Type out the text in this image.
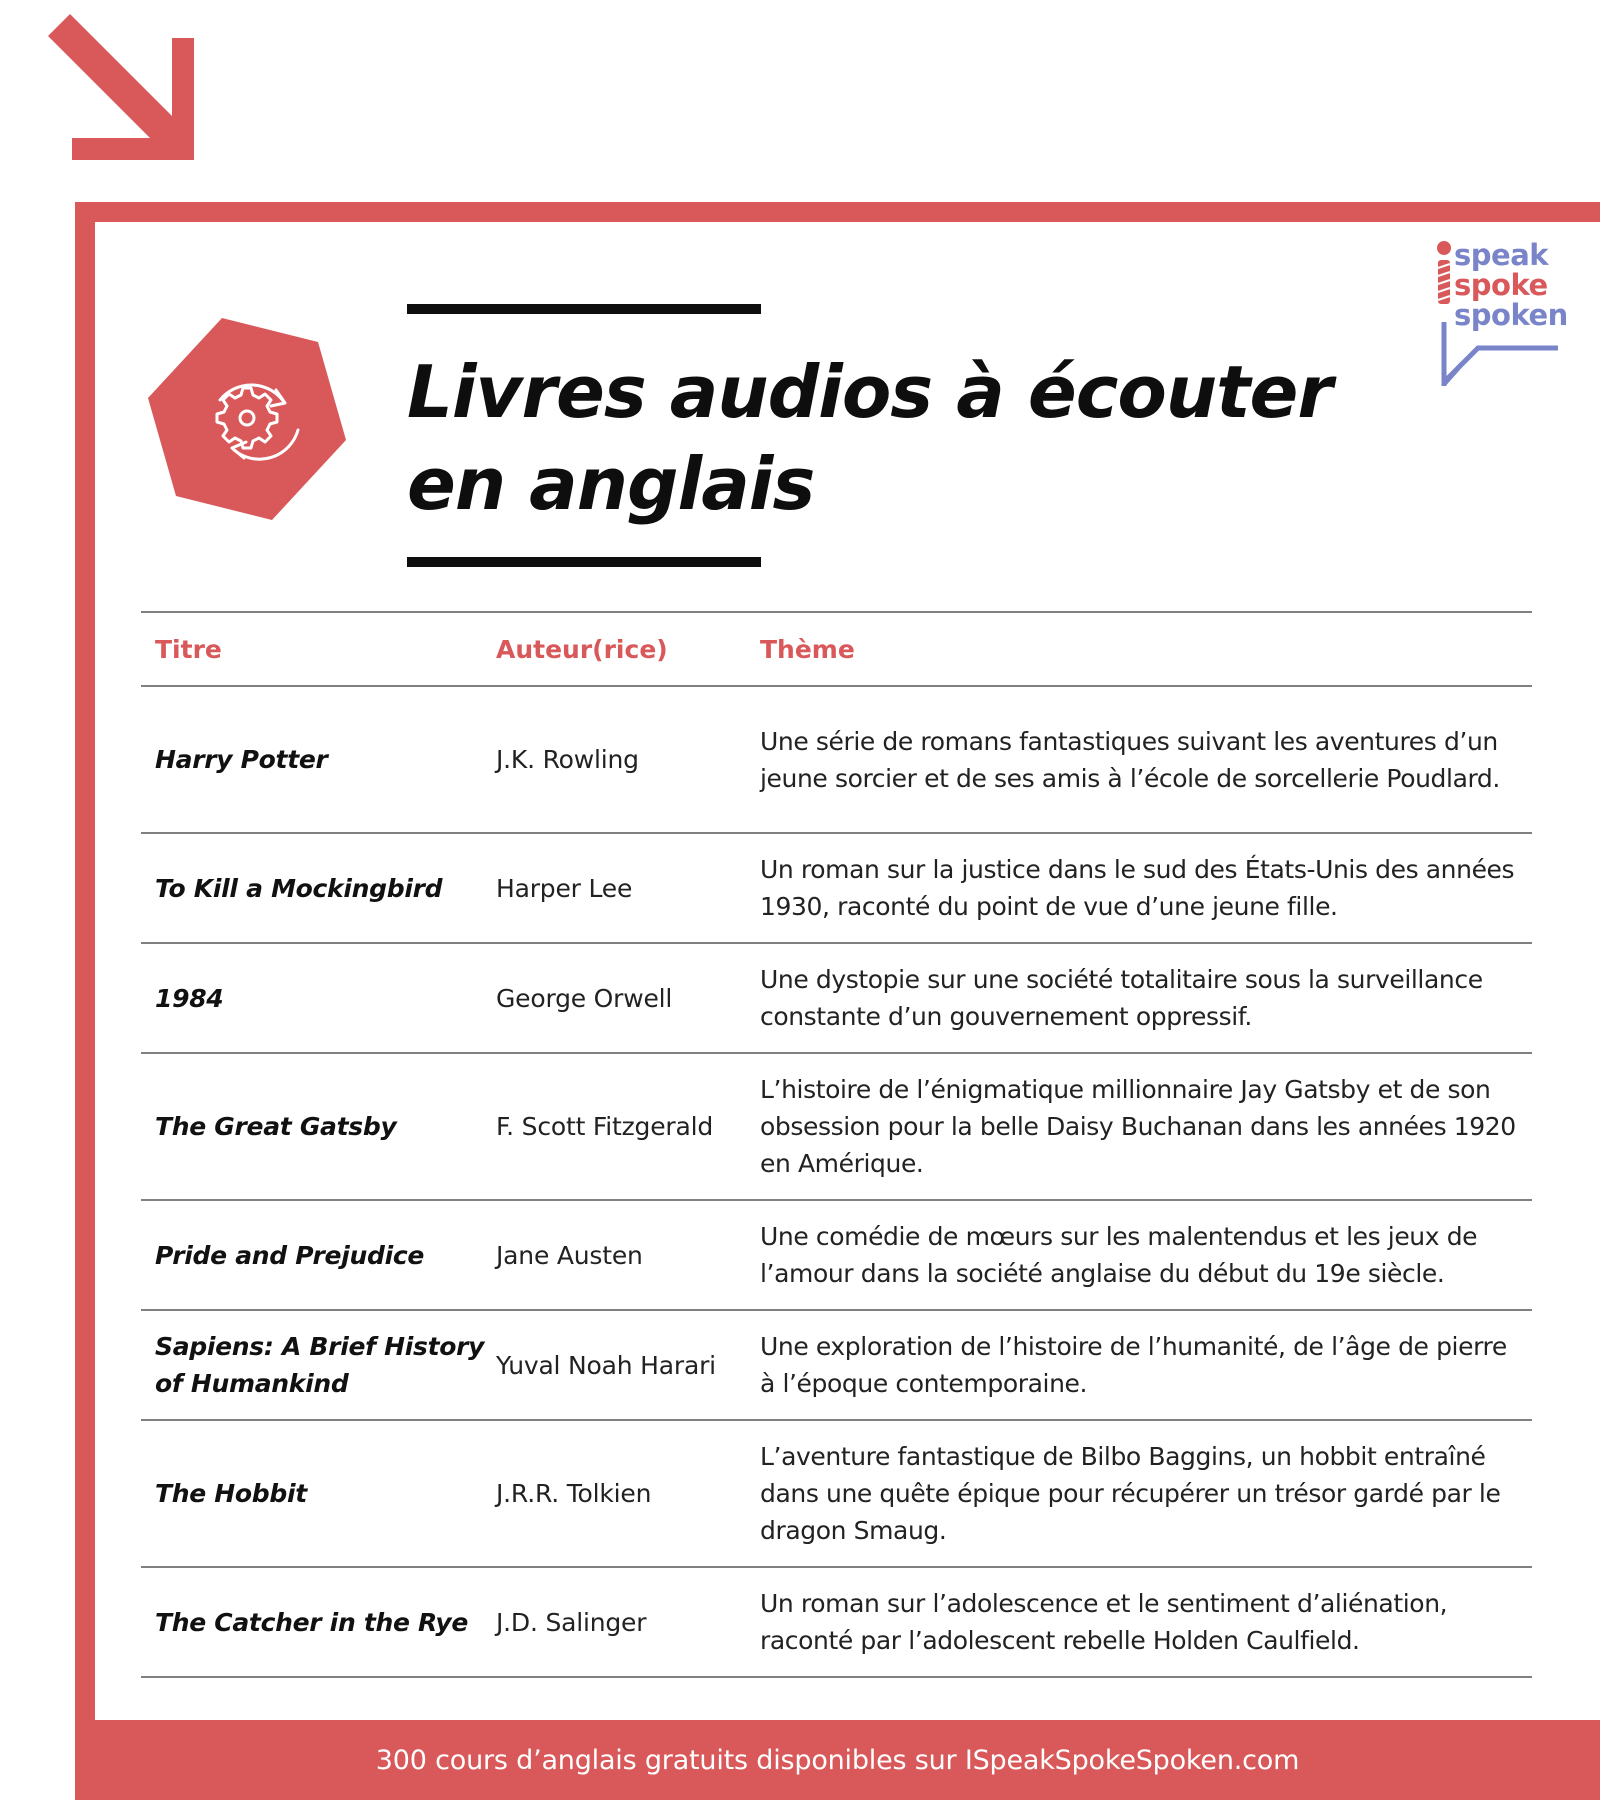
speak
spoke
spoken
Livres audios à écouter
en anglais
Titre	Auteur(rice)	Thème
Harry Potter	J.K. Rowling
Une série de romans fantastiques suivant les aventures d’un jeune sorcier et de ses amis à l’école de sorcellerie Poudlard.
To Kill a Mockingbird	Harper Lee
Un roman sur la justice dans le sud des États-Unis des années 1930, raconté du point de vue d’une jeune fille.
1984	George Orwell
Une dystopie sur une société totalitaire sous la surveillance constante d’un gouvernement oppressif.
The Great Gatsby	F. Scott Fitzgerald
L’histoire de l’énigmatique millionnaire Jay Gatsby et de son obsession pour la belle Daisy Buchanan dans les années 1920 en Amérique.
Pride and Prejudice	Jane Austen
Une comédie de mœurs sur les malentendus et les jeux de l’amour dans la société anglaise du début du 19e siècle.
Sapiens: A Brief History of Humankind
Yuval Noah Harari
Une exploration de l’histoire de l’humanité, de l’âge de pierre à l’époque contemporaine.
The Hobbit	J.R.R. Tolkien
L’aventure fantastique de Bilbo Baggins, un hobbit entraîné dans une quête épique pour récupérer un trésor gardé par le dragon Smaug.
The Catcher in the Rye	J.D. Salinger
Un roman sur l’adolescence et le sentiment d’aliénation, raconté par l’adolescent rebelle Holden Caulfield.
300 cours d’anglais gratuits disponibles sur ISpeakSpokeSpoken.com
